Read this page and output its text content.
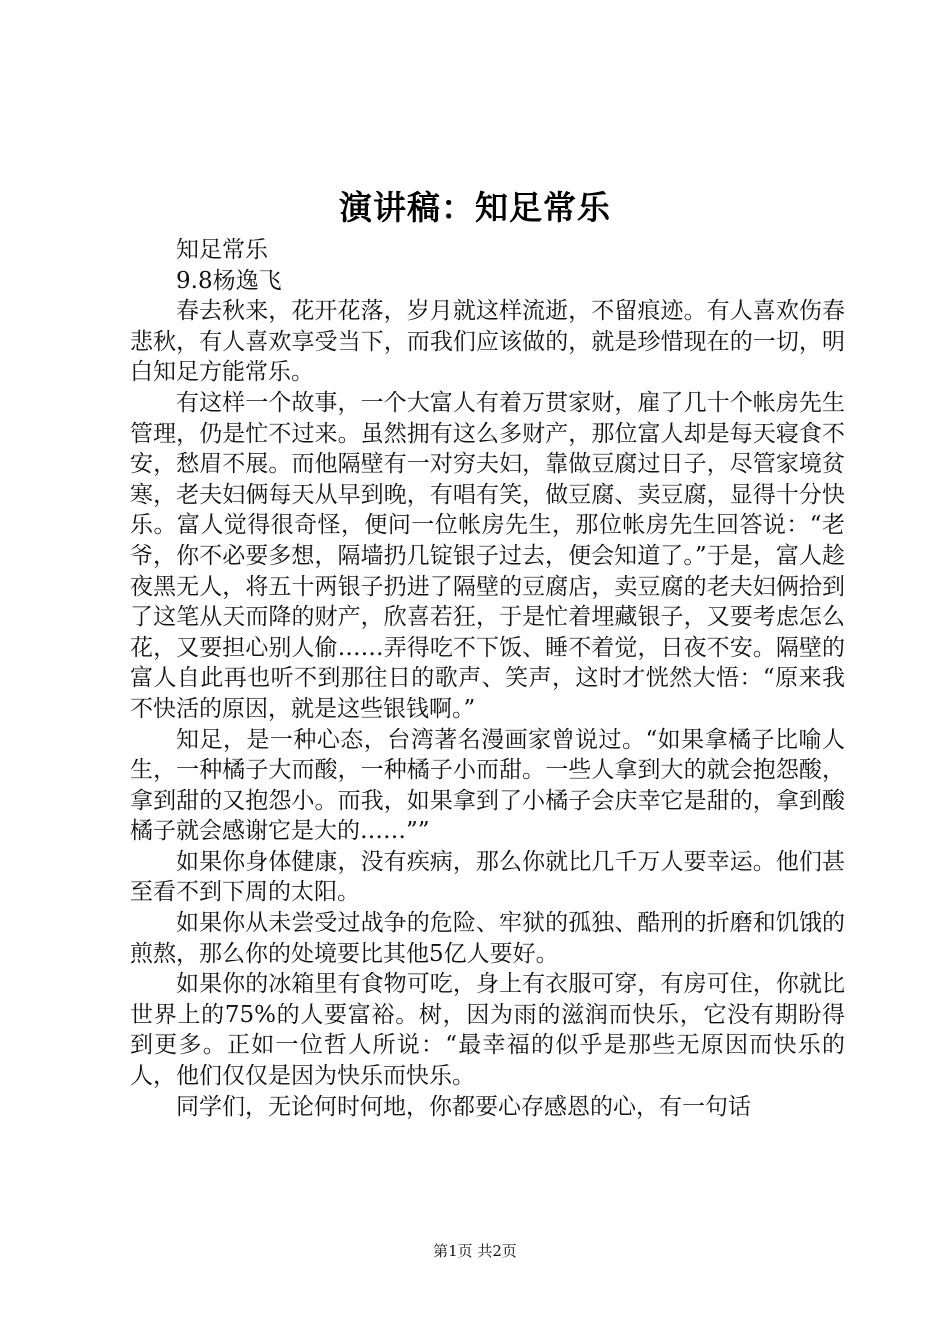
演讲稿：知足常乐

知足常乐

9.8杨逸飞

春去秋来，花开花落，岁月就这样流逝，不留痕迹。有人喜欢伤春悲秋，有人喜欢享受当下，而我们应该做的，就是珍惜现在的一切，明白知足方能常乐。

有这样一个故事，一个大富人有着万贯家财，雇了几十个帐房先生管理，仍是忙不过来。虽然拥有这么多财产，那位富人却是每天寝食不安，愁眉不展。而他隔壁有一对穷夫妇，靠做豆腐过日子，尽管家境贫寒，老夫妇俩每天从早到晚，有唱有笑，做豆腐、卖豆腐，显得十分快乐。富人觉得很奇怪，便问一位帐房先生，那位帐房先生回答说：“老爷，你不必要多想，隔墙扔几锭银子过去，便会知道了。”于是，富人趁夜黑无人，将五十两银子扔进了隔壁的豆腐店，卖豆腐的老夫妇俩拾到了这笔从天而降的财产，欣喜若狂，于是忙着埋藏银子，又要考虑怎么花，又要担心别人偷……弄得吃不下饭、睡不着觉，日夜不安。隔壁的富人自此再也听不到那往日的歌声、笑声，这时才恍然大悟：“原来我不快活的原因，就是这些银钱啊。”

知足，是一种心态，台湾著名漫画家曾说过。“如果拿橘子比喻人生，一种橘子大而酸，一种橘子小而甜。一些人拿到大的就会抱怨酸，拿到甜的又抱怨小。而我，如果拿到了小橘子会庆幸它是甜的，拿到酸橘子就会感谢它是大的……””

如果你身体健康，没有疾病，那么你就比几千万人要幸运。他们甚至看不到下周的太阳。

如果你从未尝受过战争的危险、牢狱的孤独、酷刑的折磨和饥饿的煎熬，那么你的处境要比其他5亿人要好。

如果你的冰箱里有食物可吃，身上有衣服可穿，有房可住，你就比世界上的75%的人要富裕。树，因为雨的滋润而快乐，它没有期盼得到更多。正如一位哲人所说：“最幸福的似乎是那些无原因而快乐的人，他们仅仅是因为快乐而快乐。

同学们，无论何时何地，你都要心存感恩的心，有一句话

第1页 共2页
